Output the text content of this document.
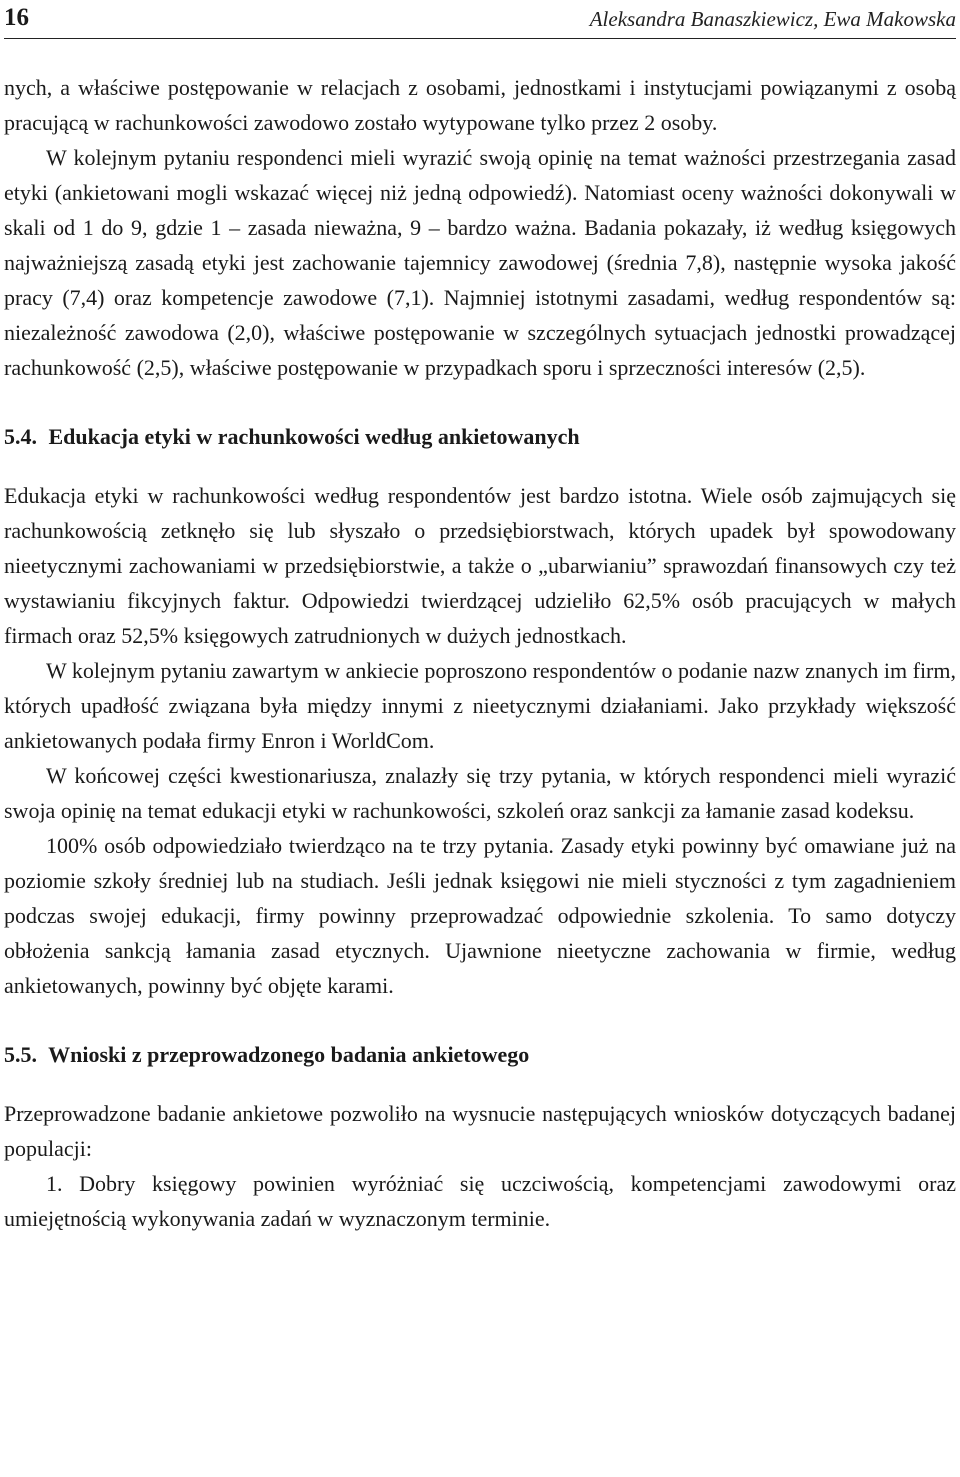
16	Aleksandra Banaszkiewicz, Ewa Makowska

nych, a właściwe postępowanie w relacjach z osobami, jednostkami i instytucjami powiązanymi z osobą pracującą w rachunkowości zawodowo zostało wytypowane tylko przez 2 osoby.

W kolejnym pytaniu respondenci mieli wyrazić swoją opinię na temat ważności przestrzegania zasad etyki (ankietowani mogli wskazać więcej niż jedną odpowiedź). Natomiast oceny ważności dokonywali w skali od 1 do 9, gdzie 1 – zasada nieważna, 9 – bardzo ważna. Badania pokazały, iż według księgowych najważniejszą zasadą etyki jest zachowanie tajemnicy zawodowej (średnia 7,8), następnie wysoka jakość pracy (7,4) oraz kompetencje zawodowe (7,1). Najmniej istotnymi zasadami, według respondentów są: niezależność zawodowa (2,0), właściwe postępowanie w szczególnych sytuacjach jednostki prowadzącej rachunkowość (2,5), właściwe postępowanie w przypadkach sporu i sprzeczności interesów (2,5).

5.4. Edukacja etyki w rachunkowości według ankietowanych

Edukacja etyki w rachunkowości według respondentów jest bardzo istotna. Wiele osób zajmujących się rachunkowością zetknęło się lub słyszało o przedsiębiorstwach, których upadek był spowodowany nieetycznymi zachowaniami w przedsiębiorstwie, a także o „ubarwianiu” sprawozdań finansowych czy też wystawianiu fikcyjnych faktur. Odpowiedzi twierdzącej udzieliło 62,5% osób pracujących w małych firmach oraz 52,5% księgowych zatrudnionych w dużych jednostkach.

W kolejnym pytaniu zawartym w ankiecie poproszono respondentów o podanie nazw znanych im firm, których upadłość związana była między innymi z nieetycznymi działaniami. Jako przykłady większość ankietowanych podała firmy Enron i WorldCom.

W końcowej części kwestionariusza, znalazły się trzy pytania, w których respondenci mieli wyrazić swoja opinię na temat edukacji etyki w rachunkowości, szkoleń oraz sankcji za łamanie zasad kodeksu.

100% osób odpowiedziało twierdząco na te trzy pytania. Zasady etyki powinny być omawiane już na poziomie szkoły średniej lub na studiach. Jeśli jednak księgowi nie mieli styczności z tym zagadnieniem podczas swojej edukacji, firmy powinny przeprowadzać odpowiednie szkolenia. To samo dotyczy obłożenia sankcją łamania zasad etycznych. Ujawnione nieetyczne zachowania w firmie, według ankietowanych, powinny być objęte karami.

5.5. Wnioski z przeprowadzonego badania ankietowego

Przeprowadzone badanie ankietowe pozwoliło na wysnucie następujących wniosków dotyczących badanej populacji:

1. Dobry księgowy powinien wyróżniać się uczciwością, kompetencjami zawodowymi oraz umiejętnością wykonywania zadań w wyznaczonym terminie.
